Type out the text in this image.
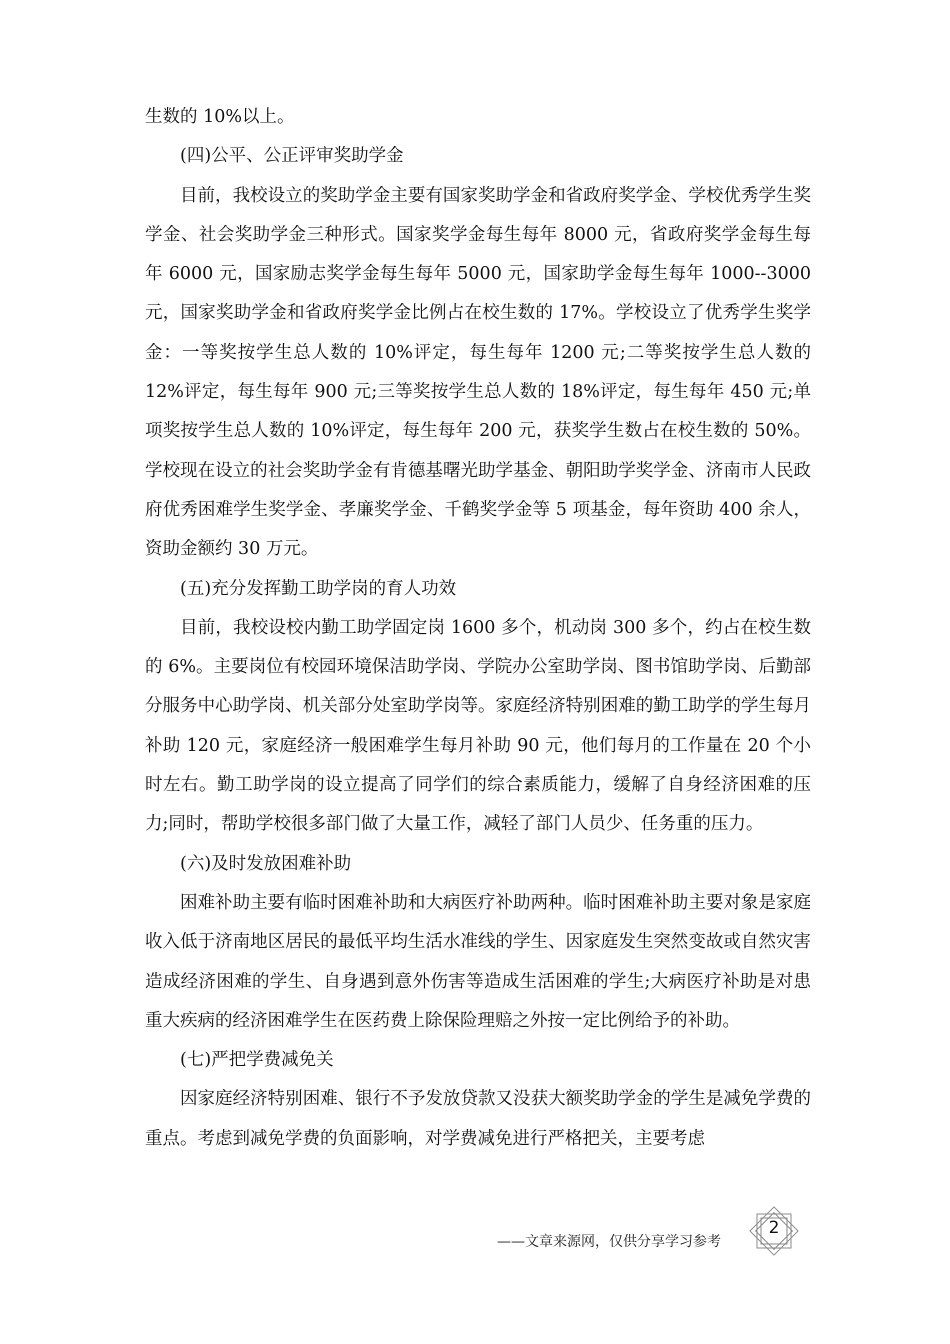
生数的 10%以上。

(四)公平、公正评审奖助学金

目前，我校设立的奖助学金主要有国家奖助学金和省政府奖学金、学校优秀学生奖学金、社会奖助学金三种形式。国家奖学金每生每年 8000 元，省政府奖学金每生每年 6000 元，国家励志奖学金每生每年 5000 元，国家助学金每生每年 1000--3000 元，国家奖助学金和省政府奖学金比例占在校生数的 17%。学校设立了优秀学生奖学金：一等奖按学生总人数的 10%评定，每生每年 1200 元;二等奖按学生总人数的 12%评定，每生每年 900 元;三等奖按学生总人数的 18%评定，每生每年 450 元;单项奖按学生总人数的 10%评定，每生每年 200 元，获奖学生数占在校生数的 50%。学校现在设立的社会奖助学金有肯德基曙光助学基金、朝阳助学奖学金、济南市人民政府优秀困难学生奖学金、孝廉奖学金、千鹤奖学金等 5 项基金，每年资助 400 余人，资助金额约 30 万元。

(五)充分发挥勤工助学岗的育人功效

目前，我校设校内勤工助学固定岗 1600 多个，机动岗 300 多个，约占在校生数的 6%。主要岗位有校园环境保洁助学岗、学院办公室助学岗、图书馆助学岗、后勤部分服务中心助学岗、机关部分处室助学岗等。家庭经济特别困难的勤工助学的学生每月补助 120 元，家庭经济一般困难学生每月补助 90 元，他们每月的工作量在 20 个小时左右。勤工助学岗的设立提高了同学们的综合素质能力，缓解了自身经济困难的压力;同时，帮助学校很多部门做了大量工作，减轻了部门人员少、任务重的压力。

(六)及时发放困难补助

困难补助主要有临时困难补助和大病医疗补助两种。临时困难补助主要对象是家庭收入低于济南地区居民的最低平均生活水准线的学生、因家庭发生突然变故或自然灾害造成经济困难的学生、自身遇到意外伤害等造成生活困难的学生;大病医疗补助是对患重大疾病的经济困难学生在医药费上除保险理赔之外按一定比例给予的补助。

(七)严把学费减免关

因家庭经济特别困难、银行不予发放贷款又没获大额奖助学金的学生是减免学费的重点。考虑到减免学费的负面影响，对学费减免进行严格把关，主要考虑

——文章来源网，仅供分享学习参考
2
